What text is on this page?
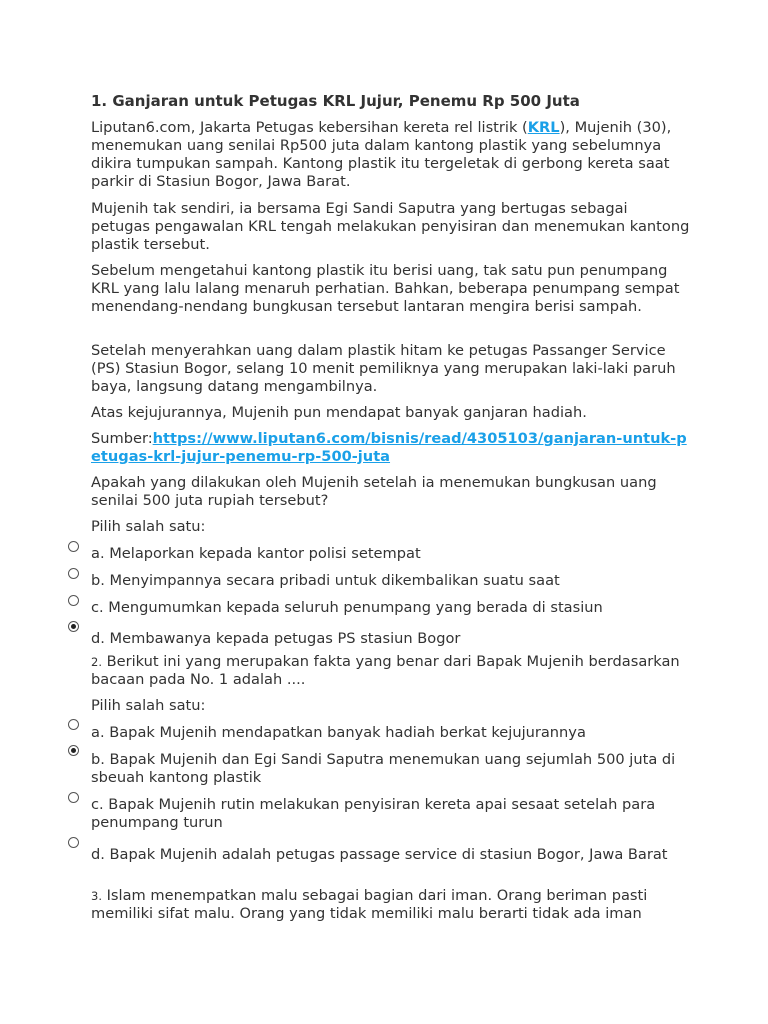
1. Ganjaran untuk Petugas KRL Jujur, Penemu Rp 500 Juta
Liputan6.com, Jakarta Petugas kebersihan kereta rel listrik (KRL), Mujenih (30), menemukan uang senilai Rp500 juta dalam kantong plastik yang sebelumnya dikira tumpukan sampah. Kantong plastik itu tergeletak di gerbong kereta saat parkir di Stasiun Bogor, Jawa Barat.
Mujenih tak sendiri, ia bersama Egi Sandi Saputra yang bertugas sebagai petugas pengawalan KRL tengah melakukan penyisiran dan menemukan kantong plastik tersebut.
Sebelum mengetahui kantong plastik itu berisi uang, tak satu pun penumpang KRL yang lalu lalang menaruh perhatian. Bahkan, beberapa penumpang sempat menendang-nendang bungkusan tersebut lantaran mengira berisi sampah.
Setelah menyerahkan uang dalam plastik hitam ke petugas Passanger Service (PS) Stasiun Bogor, selang 10 menit pemiliknya yang merupakan laki-laki paruh baya, langsung datang mengambilnya.
Atas kejujurannya, Mujenih pun mendapat banyak ganjaran hadiah.
Sumber:https://www.liputan6.com/bisnis/read/4305103/ganjaran-untuk-petugas-krl-jujur-penemu-rp-500-juta
Apakah yang dilakukan oleh Mujenih setelah ia menemukan bungkusan uang senilai 500 juta rupiah tersebut?
Pilih salah satu:
a. Melaporkan kepada kantor polisi setempat
b. Menyimpannya secara pribadi untuk dikembalikan suatu saat
c. Mengumumkan kepada seluruh penumpang yang berada di stasiun
d. Membawanya kepada petugas PS stasiun Bogor
2. Berikut ini yang merupakan fakta yang benar dari Bapak Mujenih berdasarkan bacaan pada No. 1 adalah ....
Pilih salah satu:
a. Bapak Mujenih mendapatkan banyak hadiah berkat kejujurannya
b. Bapak Mujenih dan Egi Sandi Saputra menemukan uang sejumlah 500 juta di sbeuah kantong plastik
c. Bapak Mujenih rutin melakukan penyisiran kereta apai sesaat setelah para penumpang turun
d. Bapak Mujenih adalah petugas passage service di stasiun Bogor, Jawa Barat
3. Islam menempatkan malu sebagai bagian dari iman. Orang beriman pasti memiliki sifat malu. Orang yang tidak memiliki malu berarti tidak ada iman
